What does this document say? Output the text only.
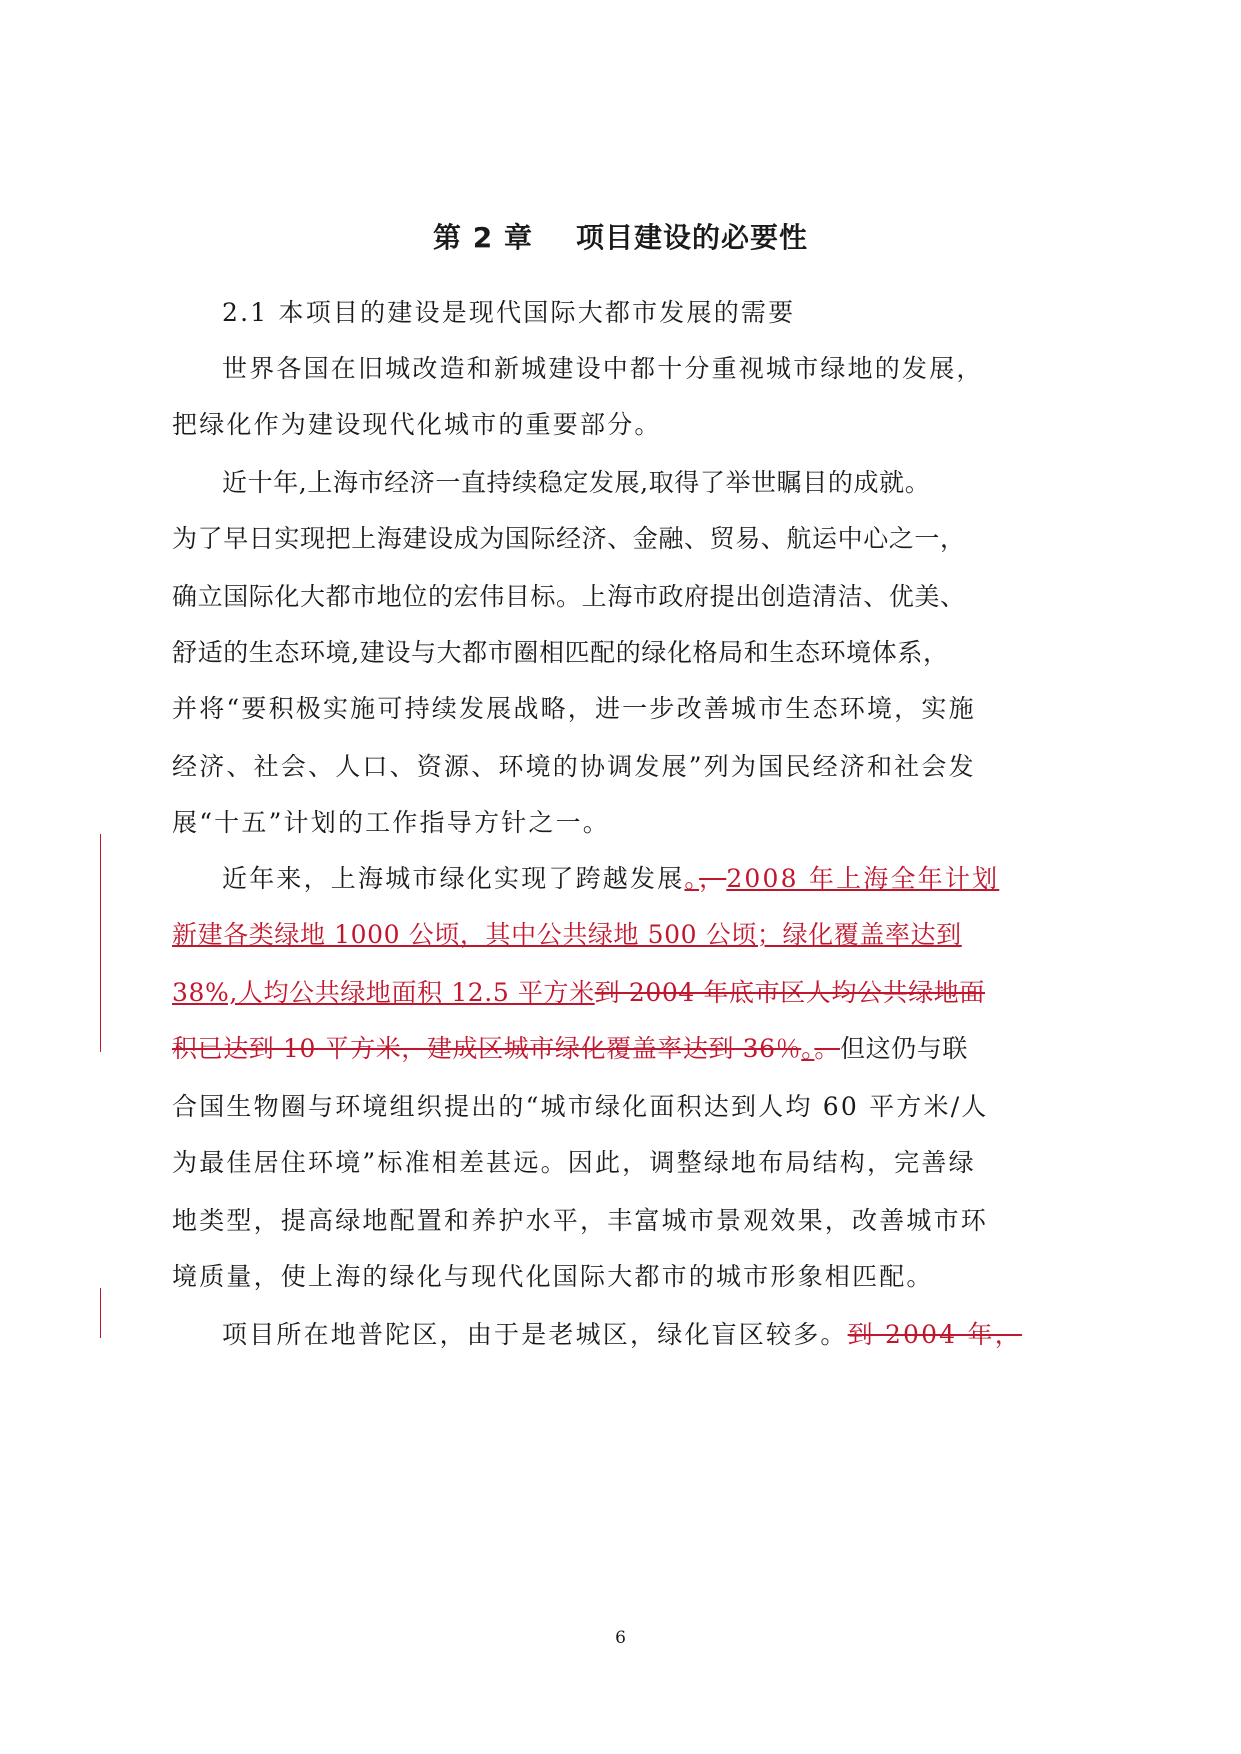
第 2 章    项目建设的必要性
2.1 本项目的建设是现代国际大都市发展的需要
世界各国在旧城改造和新城建设中都十分重视城市绿地的发展，
把绿化作为建设现代化城市的重要部分。
近十年,上海市经济一直持续稳定发展,取得了举世瞩目的成就。
为了早日实现把上海建设成为国际经济、金融、贸易、航运中心之一，
确立国际化大都市地位的宏伟目标。上海市政府提出创造清洁、优美、
舒适的生态环境,建设与大都市圈相匹配的绿化格局和生态环境体系，
并将“要积极实施可持续发展战略，进一步改善城市生态环境，实施
经济、社会、人口、资源、环境的协调发展”列为国民经济和社会发
展“十五”计划的工作指导方针之一。
近年来，上海城市绿化实现了跨越发展。，2008 年上海全年计划
新建各类绿地 1000 公顷，其中公共绿地 500 公顷；绿化覆盖率达到
38%,人均公共绿地面积 12.5 平方米到 2004 年底市区人均公共绿地面
积已达到 10 平方米，建成区城市绿化覆盖率达到 36％。。但这仍与联
合国生物圈与环境组织提出的“城市绿化面积达到人均 60 平方米/人
为最佳居住环境”标准相差甚远。因此，调整绿地布局结构，完善绿
地类型，提高绿地配置和养护水平，丰富城市景观效果，改善城市环
境质量，使上海的绿化与现代化国际大都市的城市形象相匹配。
项目所在地普陀区，由于是老城区，绿化盲区较多。到 2004 年，
6
